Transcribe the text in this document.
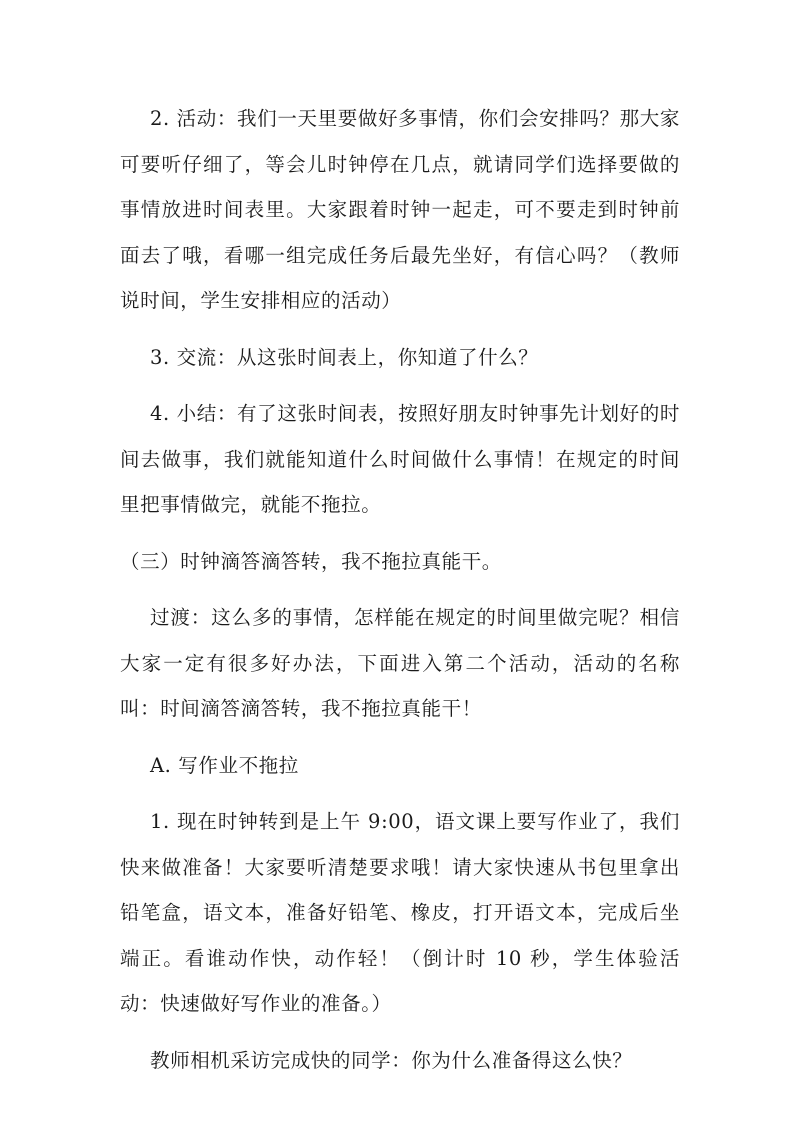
2. 活动：我们一天里要做好多事情，你们会安排吗？那大家可要听仔细了，等会儿时钟停在几点，就请同学们选择要做的事情放进时间表里。大家跟着时钟一起走，可不要走到时钟前面去了哦，看哪一组完成任务后最先坐好，有信心吗？（教师说时间，学生安排相应的活动）

3. 交流：从这张时间表上，你知道了什么？

4. 小结：有了这张时间表，按照好朋友时钟事先计划好的时间去做事，我们就能知道什么时间做什么事情！在规定的时间里把事情做完，就能不拖拉。

（三）时钟滴答滴答转，我不拖拉真能干。

过渡：这么多的事情，怎样能在规定的时间里做完呢？相信大家一定有很多好办法，下面进入第二个活动，活动的名称叫：时间滴答滴答转，我不拖拉真能干！

A. 写作业不拖拉

1. 现在时钟转到是上午 9:00，语文课上要写作业了，我们快来做准备！大家要听清楚要求哦！请大家快速从书包里拿出铅笔盒，语文本，准备好铅笔、橡皮，打开语文本，完成后坐端正。看谁动作快，动作轻！（倒计时 10 秒，学生体验活动：快速做好写作业的准备。）

教师相机采访完成快的同学：你为什么准备得这么快？
